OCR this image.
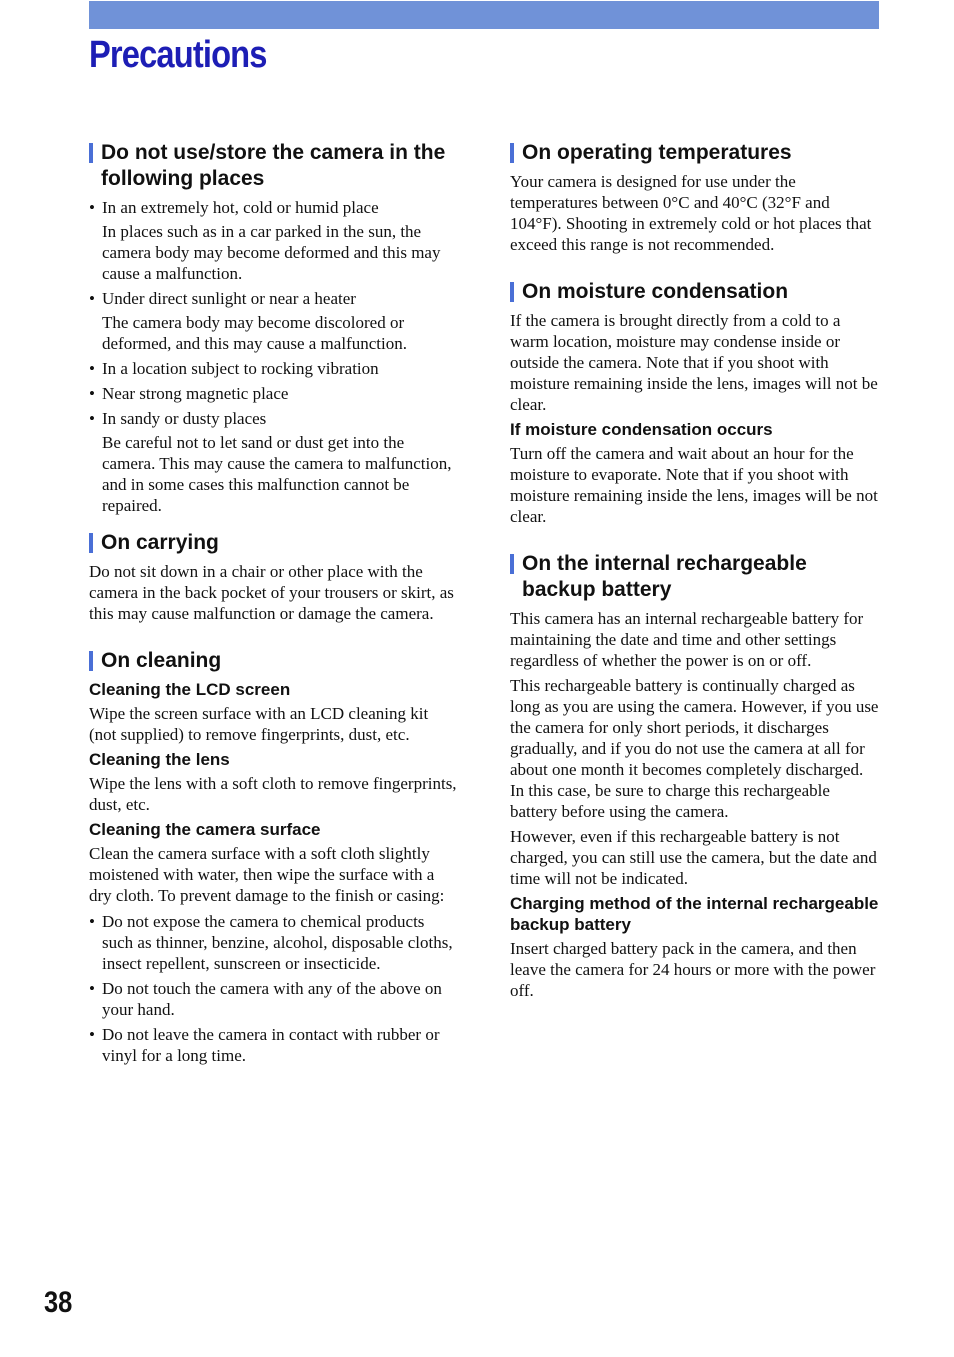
Precautions
Do not use/store the camera in the following places
• In an extremely hot, cold or humid place

In places such as in a car parked in the sun, the camera body may become deformed and this may cause a malfunction.

• Under direct sunlight or near a heater

The camera body may become discolored or deformed, and this may cause a malfunction.

• In a location subject to rocking vibration
• Near strong magnetic place
• In sandy or dusty places

Be careful not to let sand or dust get into the camera. This may cause the camera to malfunction, and in some cases this malfunction cannot be repaired.

On carrying

Do not sit down in a chair or other place with the camera in the back pocket of your trousers or skirt, as this may cause malfunction or damage the camera.

On cleaning
Cleaning the LCD screen

Wipe the screen surface with an LCD cleaning kit (not supplied) to remove fingerprints, dust, etc.

Cleaning the lens

Wipe the lens with a soft cloth to remove fingerprints, dust, etc.

Cleaning the camera surface

Clean the camera surface with a soft cloth slightly moistened with water, then wipe the surface with a dry cloth. To prevent damage to the finish or casing:

• Do not expose the camera to chemical products such as thinner, benzine, alcohol, disposable cloths, insect repellent, sunscreen or insecticide.
• Do not touch the camera with any of the above on your hand.
• Do not leave the camera in contact with rubber or vinyl for a long time.
On operating temperatures

Your camera is designed for use under the temperatures between 0°C and 40°C (32°F and 104°F). Shooting in extremely cold or hot places that exceed this range is not recommended.

On moisture condensation

If the camera is brought directly from a cold to a warm location, moisture may condense inside or outside the camera. Note that if you shoot with moisture remaining inside the lens, images will not be clear.

If moisture condensation occurs

Turn off the camera and wait about an hour for the moisture to evaporate. Note that if you shoot with moisture remaining inside the lens, images will be not clear.

On the internal rechargeable backup battery

This camera has an internal rechargeable battery for maintaining the date and time and other settings regardless of whether the power is on or off.

This rechargeable battery is continually charged as long as you are using the camera. However, if you use the camera for only short periods, it discharges gradually, and if you do not use the camera at all for about one month it becomes completely discharged. In this case, be sure to charge this rechargeable battery before using the camera.

However, even if this rechargeable battery is not charged, you can still use the camera, but the date and time will not be indicated.

Charging method of the internal rechargeable backup battery

Insert charged battery pack in the camera, and then leave the camera for 24 hours or more with the power off.

38
